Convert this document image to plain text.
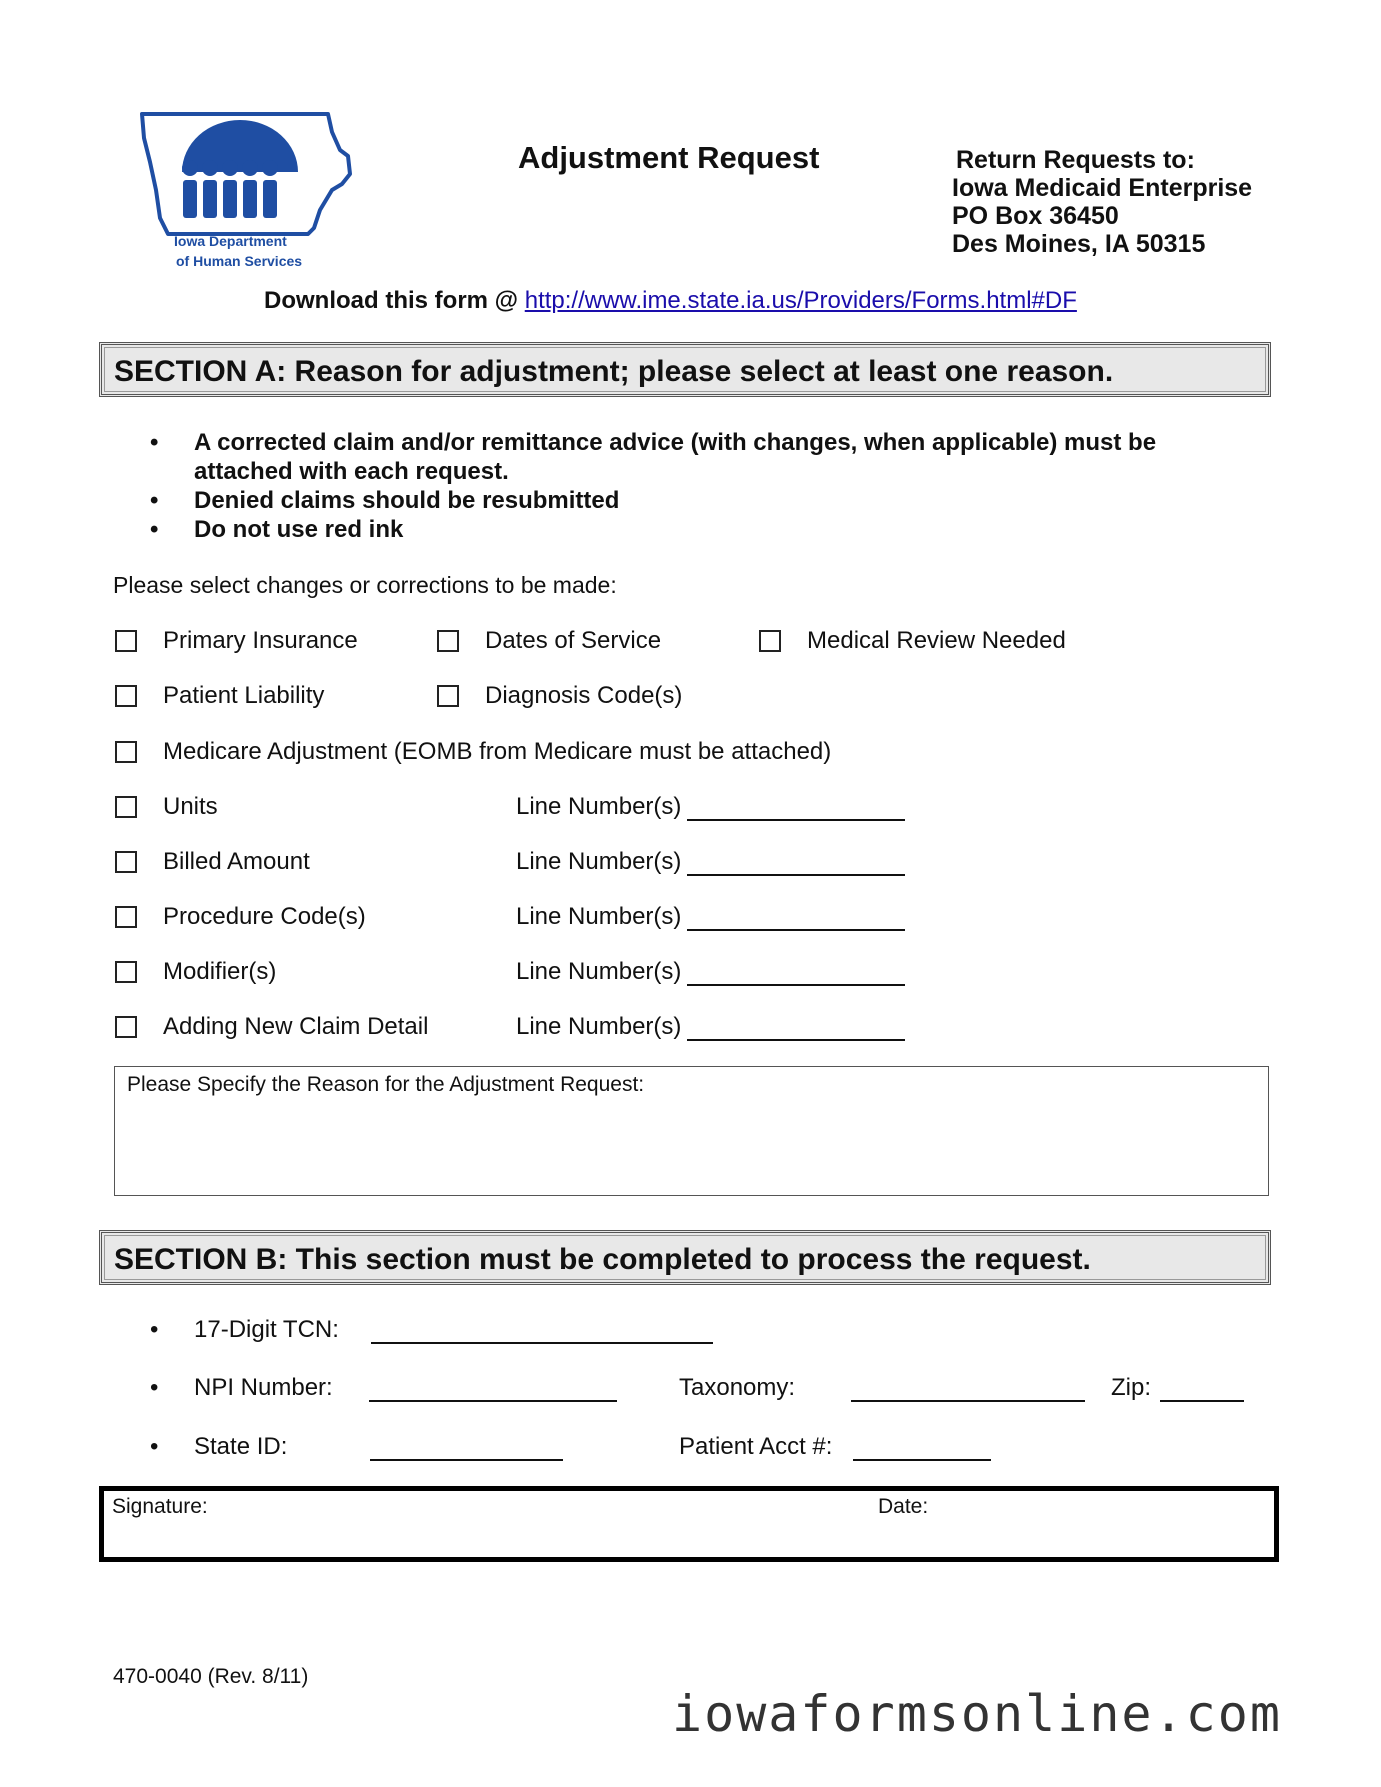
Iowa Department
of Human Services
Adjustment Request	Return Requests to:
Iowa Medicaid Enterprise
PO Box 36450
Des Moines, IA 50315
Download this form @ http://www.ime.state.ia.us/Providers/Forms.html#DF
SECTION A: Reason for adjustment; please select at least one reason.
• A corrected claim and/or remittance advice (with changes, when applicable) must be attached with each request.
• Denied claims should be resubmitted
• Do not use red ink
Please select changes or corrections to be made:
Primary Insurance	Dates of Service	Medical Review Needed
Patient Liability	Diagnosis Code(s)
Medicare Adjustment (EOMB from Medicare must be attached)
Units	Line Number(s)
Billed Amount	Line Number(s)
Procedure Code(s)	Line Number(s)
Modifier(s)	Line Number(s)
Adding New Claim Detail	Line Number(s)
Please Specify the Reason for the Adjustment Request:
SECTION B: This section must be completed to process the request.
• 17-Digit TCN:
• NPI Number:	Taxonomy:	Zip:
• State ID:	Patient Acct #:
Signature:	Date:
470-0040 (Rev. 8/11)
iowaformsonline.com
